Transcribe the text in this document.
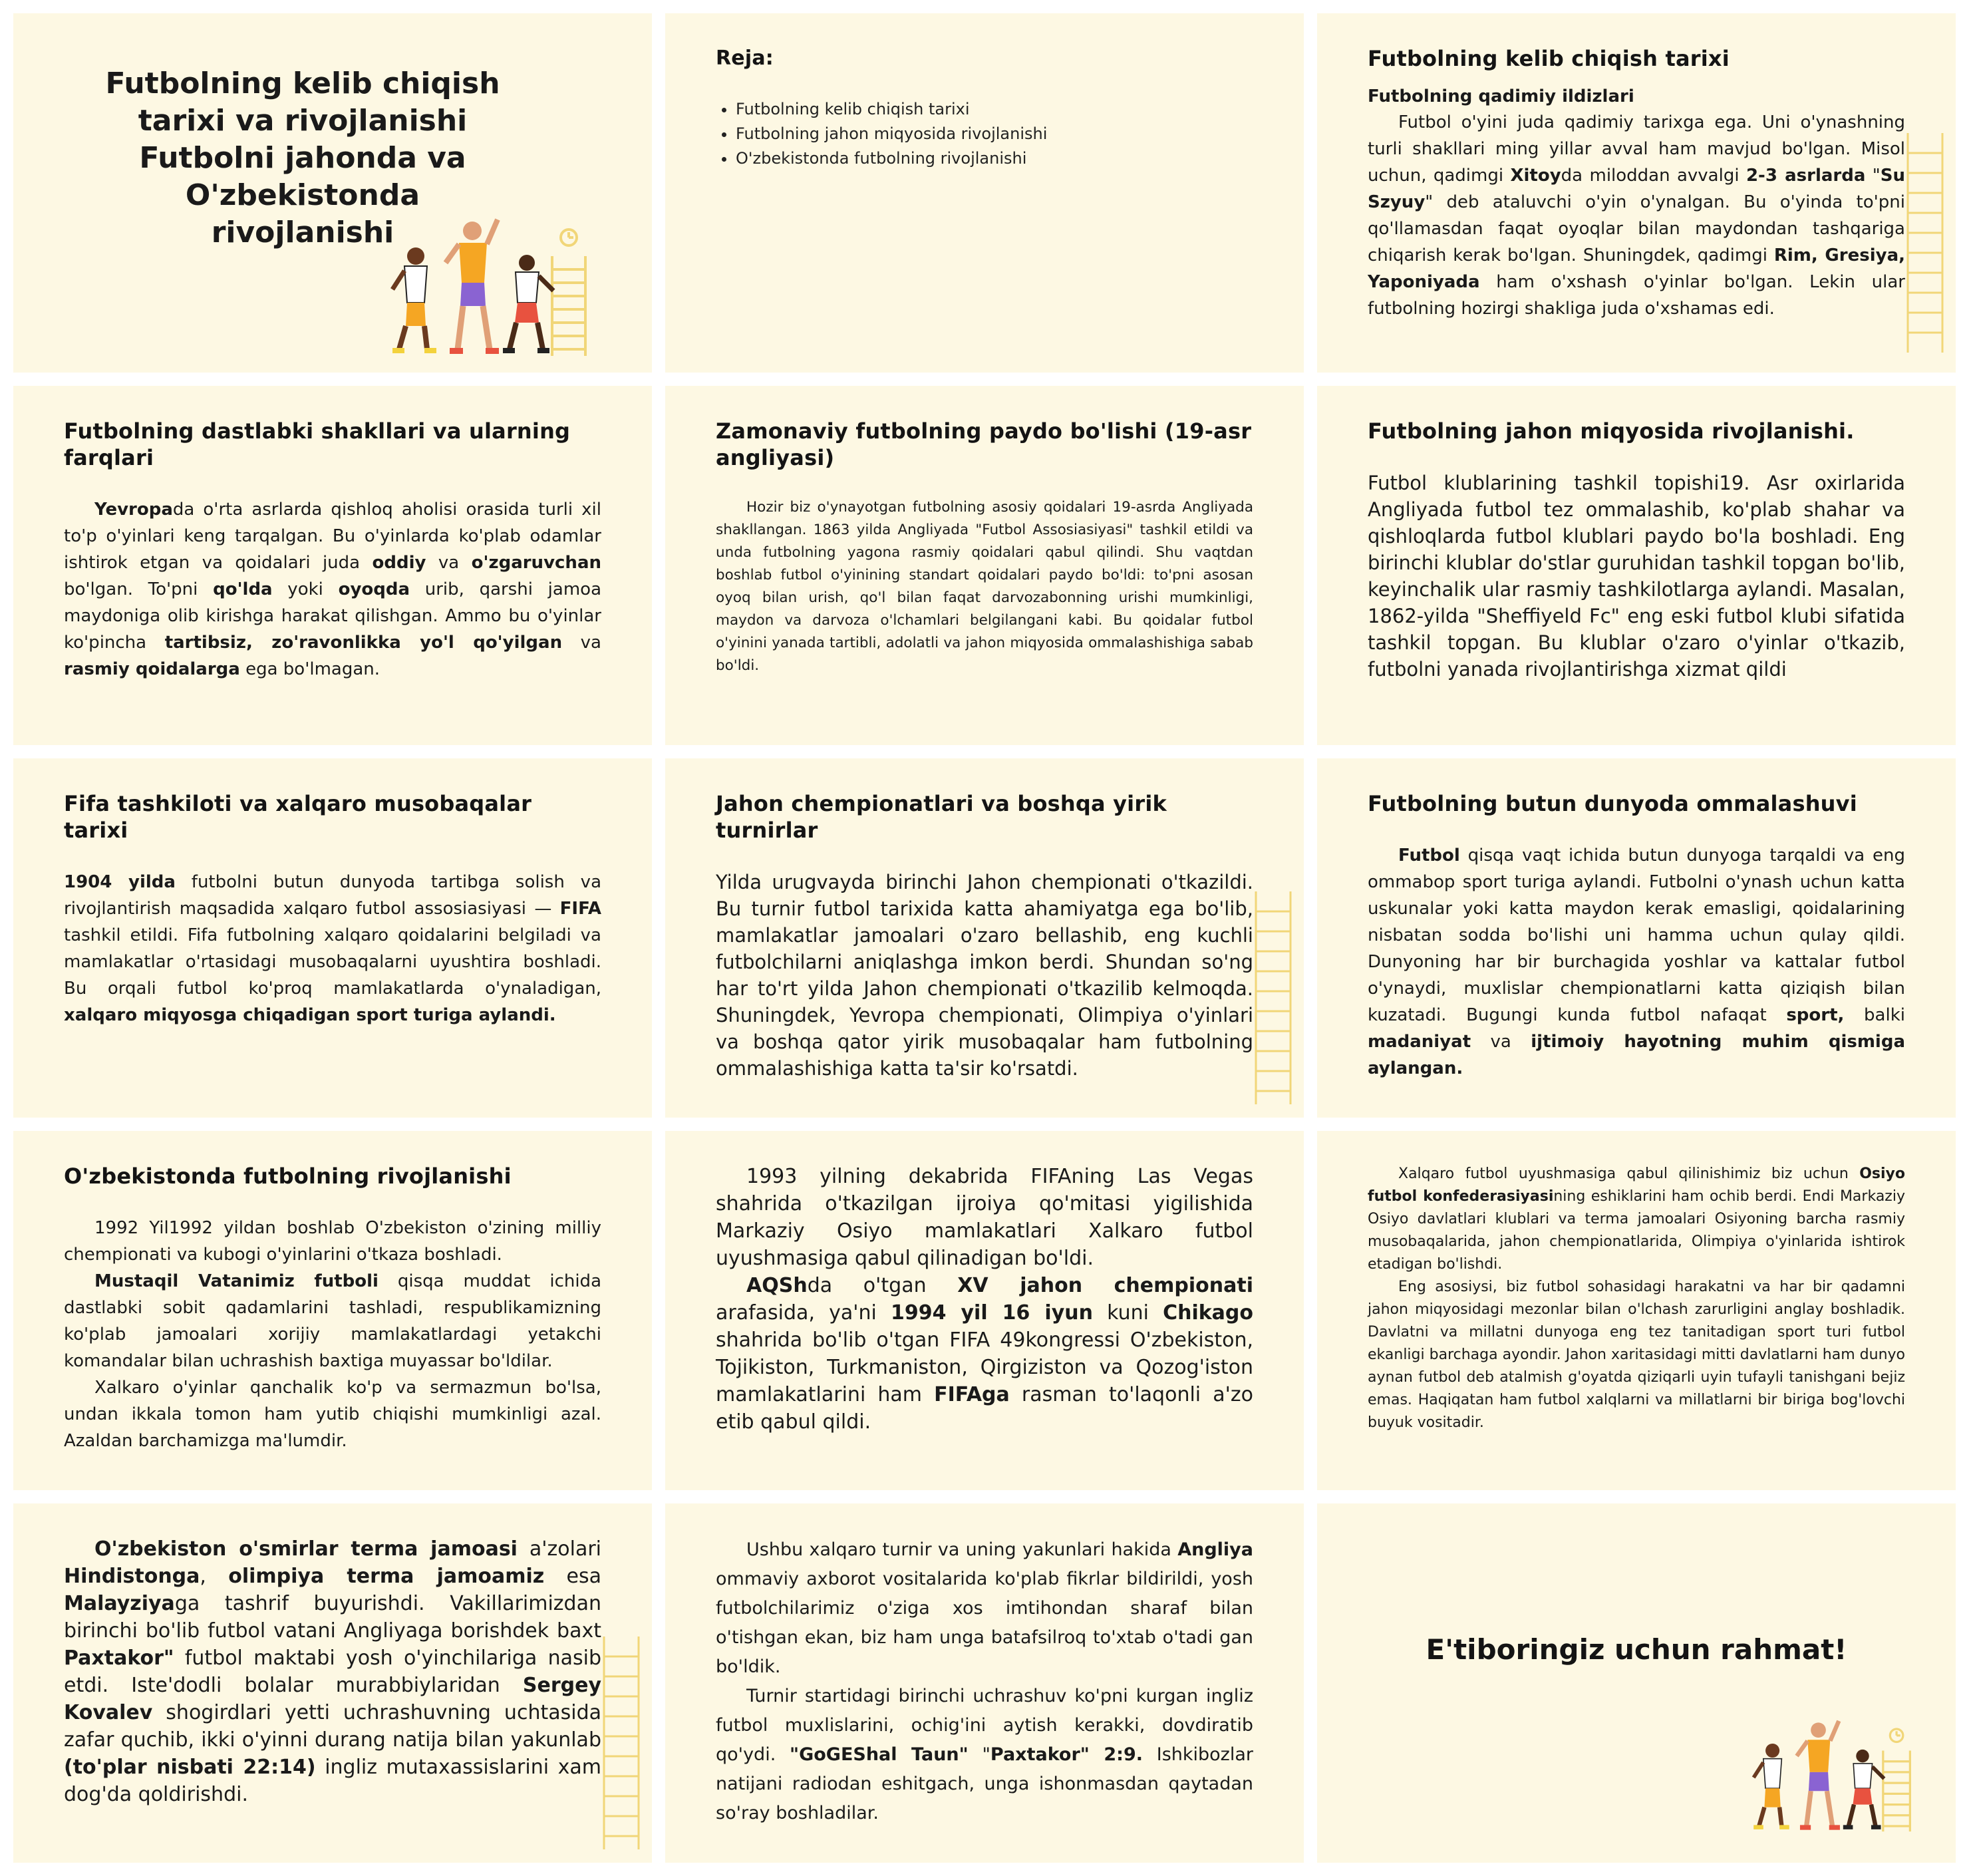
Futbolning kelib chiqish tarixi va rivojlanishi Futbolni jahonda va O'zbekistonda rivojlanishi
Reja:
• Futbolning kelib chiqish tarixi
• Futbolning jahon miqyosida rivojlanishi
• O'zbekistonda futbolning rivojlanishi
Futbolning kelib chiqish tarixi

Futbolning qadimiy ildizlari

Futbol o'yini juda qadimiy tarixga ega. Uni o'ynashning turli shakllari ming yillar avval ham mavjud bo'lgan. Misol uchun, qadimgi Xitoyda miloddan avvalgi 2-3 asrlarda "Su Szyuy" deb ataluvchi o'yin o'ynalgan. Bu o'yinda to'pni qo'llamasdan faqat oyoqlar bilan maydondan tashqariga chiqarish kerak bo'lgan. Shuningdek, qadimgi Rim, Gresiya, Yaponiyada ham o'xshash o'yinlar bo'lgan. Lekin ular futbolning hozirgi shakliga juda o'xshamas edi.

Futbolning dastlabki shakllari va ularning farqlari

Yevropada o'rta asrlarda qishloq aholisi orasida turli xil to'p o'yinlari keng tarqalgan. Bu o'yinlarda ko'plab odamlar ishtirok etgan va qoidalari juda oddiy va o'zgaruvchan bo'lgan. To'pni qo'lda yoki oyoqda urib, qarshi jamoa maydoniga olib kirishga harakat qilishgan. Ammo bu o'yinlar ko'pincha tartibsiz, zo'ravonlikka yo'l qo'yilgan va rasmiy qoidalarga ega bo'lmagan.

Zamonaviy futbolning paydo bo'lishi (19-asr angliyasi)

Hozir biz o'ynayotgan futbolning asosiy qoidalari 19-asrda Angliyada shakllangan. 1863 yilda Angliyada "Futbol Assosiasiyasi" tashkil etildi va unda futbolning yagona rasmiy qoidalari qabul qilindi. Shu vaqtdan boshlab futbol o'yinining standart qoidalari paydo bo'ldi: to'pni asosan oyoq bilan urish, qo'l bilan faqat darvozabonning urishi mumkinligi, maydon va darvoza o'lchamlari belgilangani kabi. Bu qoidalar futbol o'yinini yanada tartibli, adolatli va jahon miqyosida ommalashishiga sabab bo'ldi.

Futbolning jahon miqyosida rivojlanishi.

Futbol klublarining tashkil topishi19. Asr oxirlarida Angliyada futbol tez ommalashib, ko'plab shahar va qishloqlarda futbol klublari paydo bo'la boshladi. Eng birinchi klublar do'stlar guruhidan tashkil topgan bo'lib, keyinchalik ular rasmiy tashkilotlarga aylandi. Masalan, 1862-yilda "Sheffiyeld Fc" eng eski futbol klubi sifatida tashkil topgan. Bu klublar o'zaro o'yinlar o'tkazib, futbolni yanada rivojlantirishga xizmat qildi

Fifa tashkiloti va xalqaro musobaqalar tarixi

1904 yilda futbolni butun dunyoda tartibga solish va rivojlantirish maqsadida xalqaro futbol assosiasiyasi — FIFA tashkil etildi. Fifa futbolning xalqaro qoidalarini belgiladi va mamlakatlar o'rtasidagi musobaqalarni uyushtira boshladi. Bu orqali futbol ko'proq mamlakatlarda o'ynaladigan, xalqaro miqyosga chiqadigan sport turiga aylandi.

Jahon chempionatlari va boshqa yirik turnirlar

Yilda urugvayda birinchi Jahon chempionati o'tkazildi. Bu turnir futbol tarixida katta ahamiyatga ega bo'lib, mamlakatlar jamoalari o'zaro bellashib, eng kuchli futbolchilarni aniqlashga imkon berdi. Shundan so'ng har to'rt yilda Jahon chempionati o'tkazilib kelmoqda. Shuningdek, Yevropa chempionati, Olimpiya o'yinlari va boshqa qator yirik musobaqalar ham futbolning ommalashishiga katta ta'sir ko'rsatdi.

Futbolning butun dunyoda ommalashuvi

Futbol qisqa vaqt ichida butun dunyoga tarqaldi va eng ommabop sport turiga aylandi. Futbolni o'ynash uchun katta uskunalar yoki katta maydon kerak emasligi, qoidalarining nisbatan sodda bo'lishi uni hamma uchun qulay qildi. Dunyoning har bir burchagida yoshlar va kattalar futbol o'ynaydi, muxlislar chempionatlarni katta qiziqish bilan kuzatadi. Bugungi kunda futbol nafaqat sport, balki madaniyat va ijtimoiy hayotning muhim qismiga aylangan.

O'zbekistonda futbolning rivojlanishi

1992 Yil1992 yildan boshlab O'zbekiston o'zining milliy chempionati va kubogi o'yinlarini o'tkaza boshladi.

Mustaqil Vatanimiz futboli qisqa muddat ichida dastlabki sobit qadamlarini tashladi, respublikamizning ko'plab jamoalari xorijiy mamlakatlardagi yetakchi komandalar bilan uchrashish baxtiga muyassar bo'ldilar.

Xalkaro o'yinlar qanchalik ko'p va sermazmun bo'lsa, undan ikkala tomon ham yutib chiqishi mumkinligi azal. Azaldan barchamizga ma'lumdir.

1993 yilning dekabrida FIFAning Las Vegas shahrida o'tkazilgan ijroiya qo'mitasi yigilishida Markaziy Osiyo mamlakatlari Xalkaro futbol uyushmasiga qabul qilinadigan bo'ldi.

AQShda o'tgan XV jahon chempionati arafasida, ya'ni 1994 yil 16 iyun kuni Chikago shahrida bo'lib o'tgan FIFA 49kongressi O'zbekiston, Tojikiston, Turkmaniston, Qirgiziston va Qozog'iston mamlakatlarini ham FIFAga rasman to'laqonli a'zo etib qabul qildi.

Xalqaro futbol uyushmasiga qabul qilinishimiz biz uchun Osiyo futbol konfederasiyasining eshiklarini ham ochib berdi. Endi Markaziy Osiyo davlatlari klublari va terma jamoalari Osiyoning barcha rasmiy musobaqalarida, jahon chempionatlarida, Olimpiya o'yinlarida ishtirok etadigan bo'lishdi.

Eng asosiysi, biz futbol sohasidagi harakatni va har bir qadamni jahon miqyosidagi mezonlar bilan o'lchash zarurligini anglay boshladik. Davlatni va millatni dunyoga eng tez tanitadigan sport turi futbol ekanligi barchaga ayondir. Jahon xaritasidagi mitti davlatlarni ham dunyo aynan futbol deb atalmish g'oyatda qiziqarli uyin tufayli tanishgani bejiz emas. Haqiqatan ham futbol xalqlarni va millatlarni bir biriga bog'lovchi buyuk vositadir.

O'zbekiston o'smirlar terma jamoasi a'zolari Hindistonga, olimpiya terma jamoamiz esa Malayziyaga tashrif buyurishdi. Vakillarimizdan birinchi bo'lib futbol vatani Angliyaga borishdek baxt Paxtakor" futbol maktabi yosh o'yinchilariga nasib etdi. Iste'dodli bolalar murabbiylaridan Sergey Kovalev shogirdlari yetti uchrashuvning uchtasida zafar quchib, ikki o'yinni durang natija bilan yakunlab (to'plar nisbati 22:14) ingliz mutaxassislarini xam dog'da qoldirishdi.

Ushbu xalqaro turnir va uning yakunlari hakida Angliya ommaviy axborot vositalarida ko'plab fikrlar bildirildi, yosh futbolchilarimiz o'ziga xos imtihondan sharaf bilan o'tishgan ekan, biz ham unga batafsilroq to'xtab o'tadi gan bo'ldik.

Turnir startidagi birinchi uchrashuv ko'pni kurgan ingliz futbol muxlislarini, ochig'ini aytish kerakki, dovdiratib qo'ydi. "GoGEShal Taun" "Paxtakor" 2:9. Ishkibozlar natijani radiodan eshitgach, unga ishonmasdan qaytadan so'ray boshladilar.

E'tiboringiz uchun rahmat!
